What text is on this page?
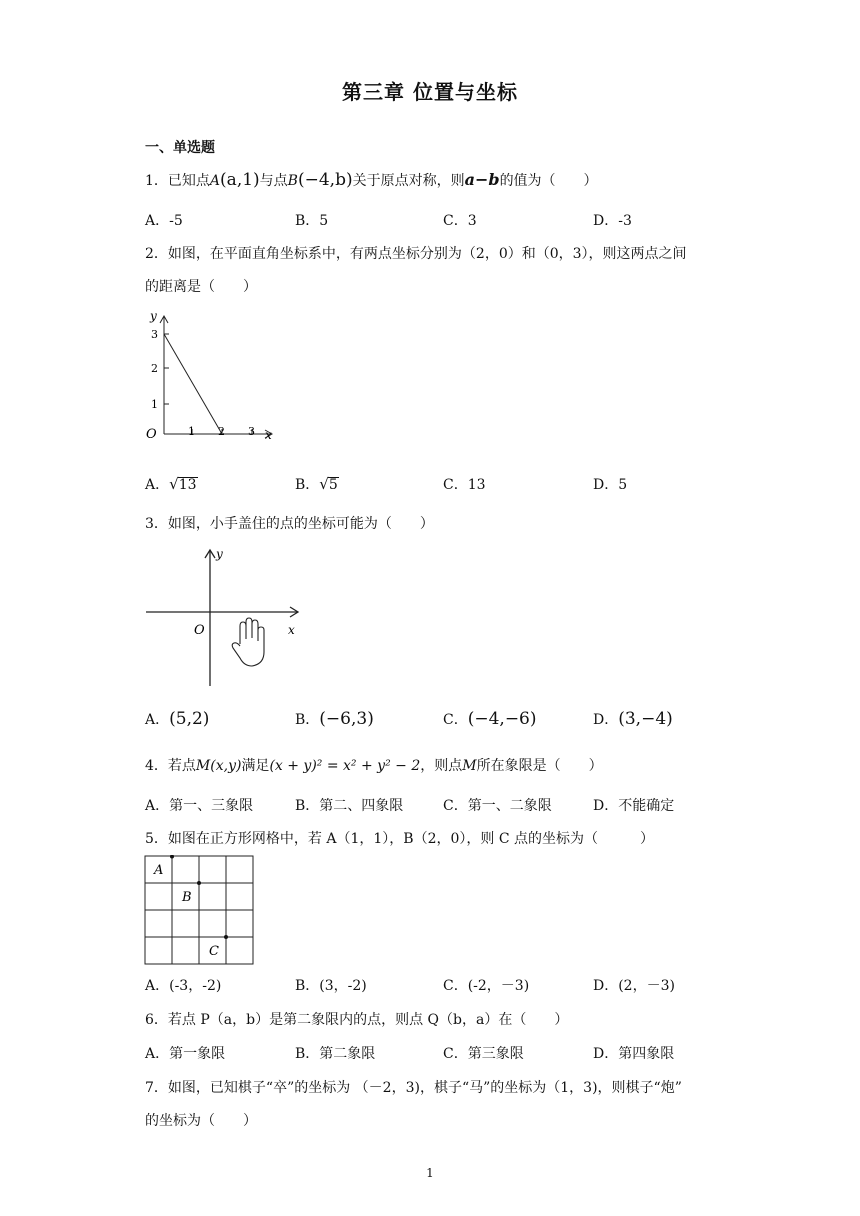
第三章 位置与坐标
一、单选题
1．已知点A(a,1)与点B(−4,b)关于原点对称，则a−b的值为（　　）
A．-5	B．5	C．3	D．-3
2．如图，在平面直角坐标系中，有两点坐标分别为（2，0）和（0，3），则这两点之间
的距离是（　　）
O	x
y
1 2 3
1
2
3
A．√13	B．√5	C．13	D．5
3．如图，小手盖住的点的坐标可能为（　　）
O	x
y
A．(5,2)	B．(−6,3)	C．(−4,−6)	D．(3,−4)
4．若点M(x,y)满足(x + y)² = x² + y² − 2，则点M所在象限是（　　）
A．第一、三象限	B．第二、四象限	C．第一、二象限	D．不能确定
5．如图在正方形网格中，若 A（1，1），B（2，0），则 C 点的坐标为（　　　）
A
B
C
A．(-3，-2)	B．(3，-2)	C．(-2，－3)	D．(2，－3)
6．若点 P（a，b）是第二象限内的点，则点 Q（b，a）在（　　）
A．第一象限	B．第二象限	C．第三象限	D．第四象限
7．如图，已知棋子“卒”的坐标为 （－2，3)，棋子“马”的坐标为（1，3)，则棋子“炮”
的坐标为（　　）
1
